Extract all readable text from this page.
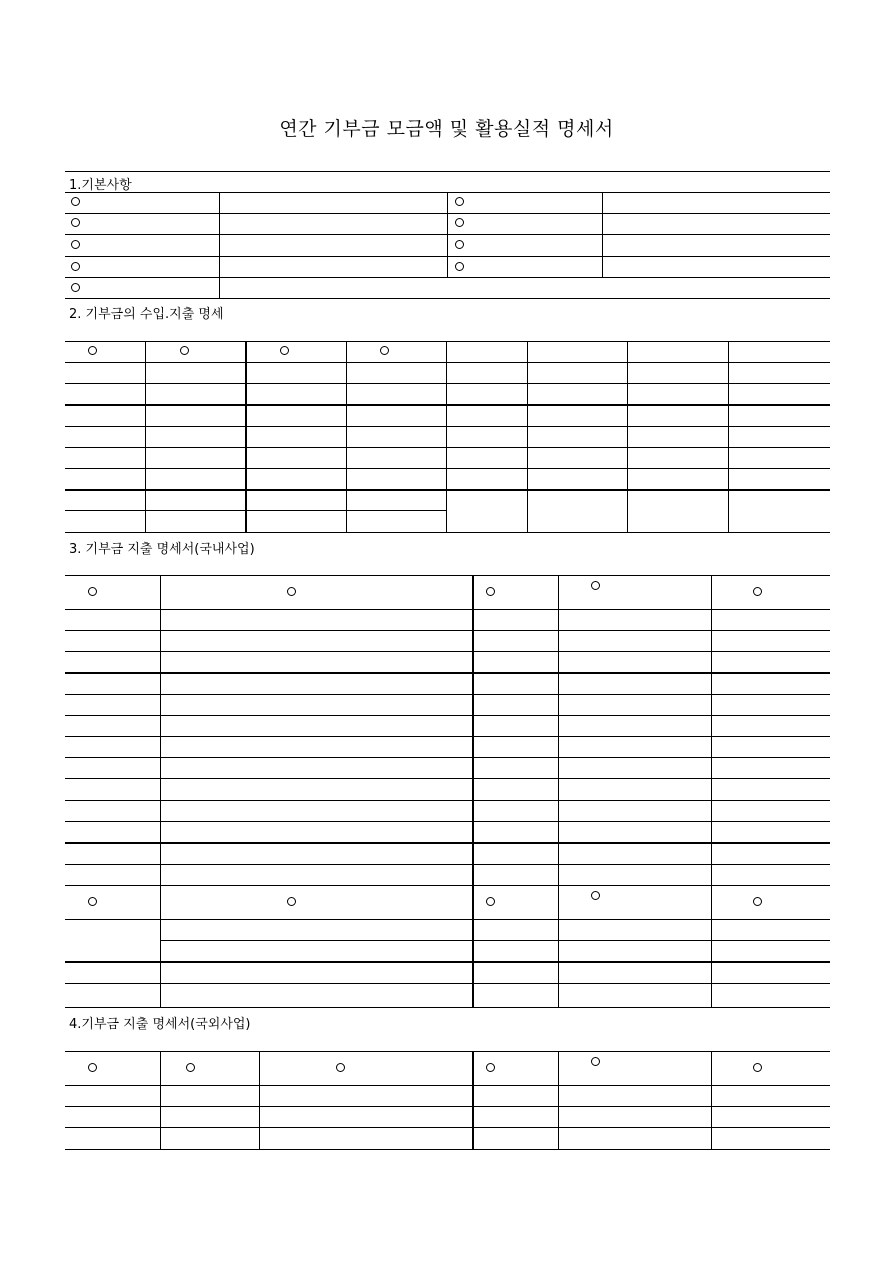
연간 기부금 모금액 및 활용실적 명세서
1.기본사항
2. 기부금의 수입.지출 명세
3. 기부금 지출 명세서(국내사업)
4.기부금 지출 명세서(국외사업)
